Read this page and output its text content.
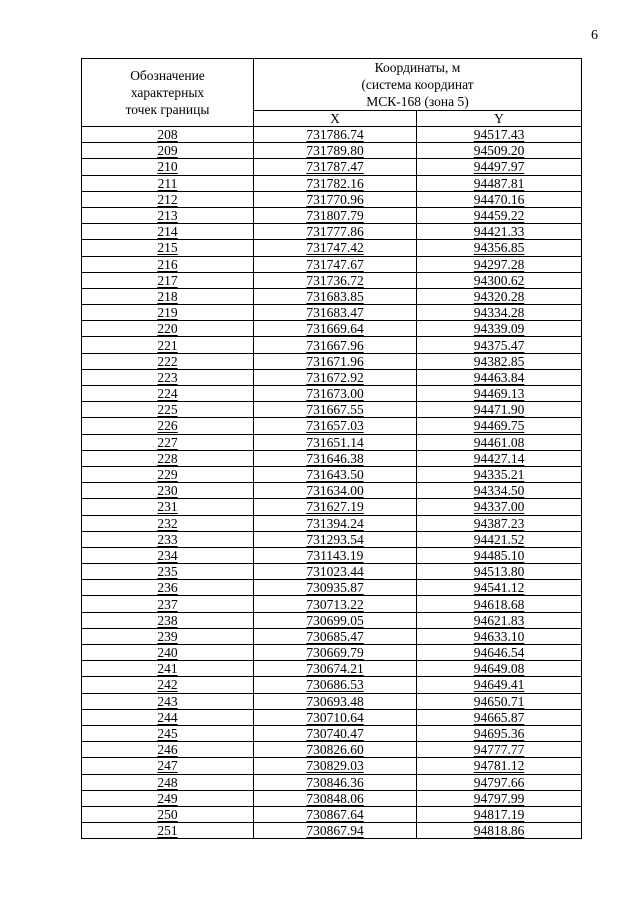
6
Обозначение
характерных
точек границы	Координаты, м
(система координат
МСК-168 (зона 5)	

	X	Y
208	731786.74	94517.43
209	731789.80	94509.20
210	731787.47	94497.97
211	731782.16	94487.81
212	731770.96	94470.16
213	731807.79	94459.22
214	731777.86	94421.33
215	731747.42	94356.85
216	731747.67	94297.28
217	731736.72	94300.62
218	731683.85	94320.28
219	731683.47	94334.28
220	731669.64	94339.09
221	731667.96	94375.47
222	731671.96	94382.85
223	731672.92	94463.84
224	731673.00	94469.13
225	731667.55	94471.90
226	731657.03	94469.75
227	731651.14	94461.08
228	731646.38	94427.14
229	731643.50	94335.21
230	731634.00	94334.50
231	731627.19	94337.00
232	731394.24	94387.23
233	731293.54	94421.52
234	731143.19	94485.10
235	731023.44	94513.80
236	730935.87	94541.12
237	730713.22	94618.68
238	730699.05	94621.83
239	730685.47	94633.10
240	730669.79	94646.54
241	730674.21	94649.08
242	730686.53	94649.41
243	730693.48	94650.71
244	730710.64	94665.87
245	730740.47	94695.36
246	730826.60	94777.77
247	730829.03	94781.12
248	730846.36	94797.66
249	730848.06	94797.99
250	730867.64	94817.19
251	730867.94	94818.86
